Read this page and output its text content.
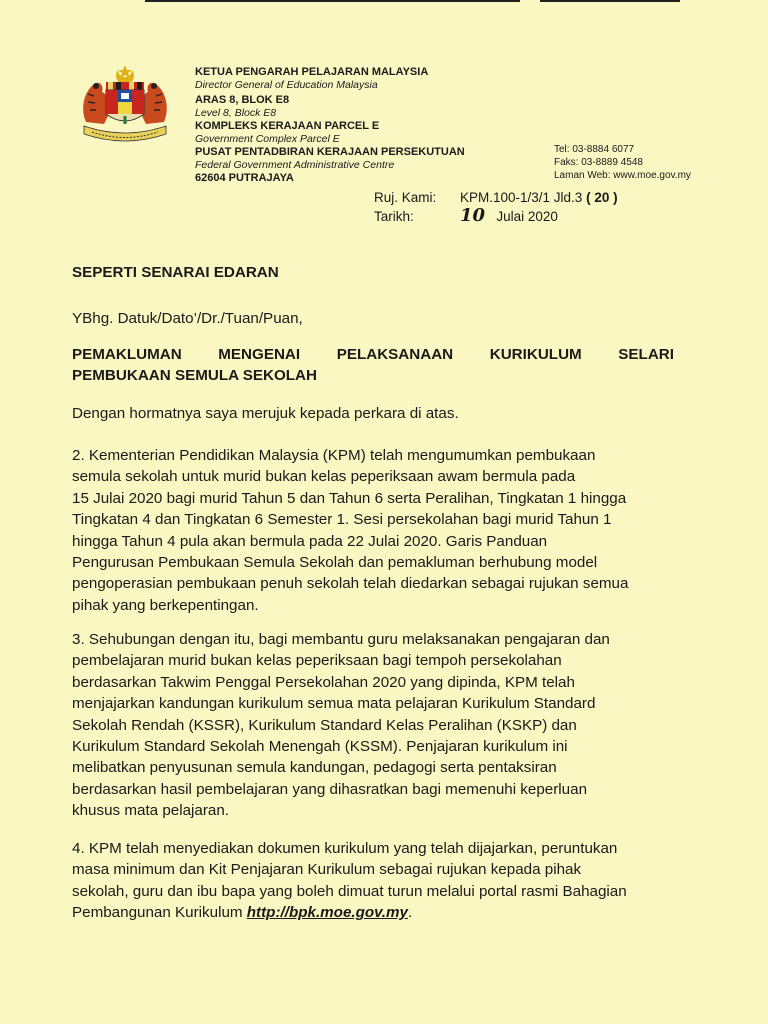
KETUA PENGARAH PELAJARAN MALAYSIA
Director General of Education Malaysia
ARAS 8, BLOK E8
Level 8, Block E8
KOMPLEKS KERAJAAN PARCEL E
Government Complex Parcel E
PUSAT PENTADBIRAN KERAJAAN PERSEKUTUAN
Federal Government Administrative Centre
62604 PUTRAJAYA
Tel: 03-8884 6077
Faks: 03-8889 4548
Laman Web: www.moe.gov.my
Ruj. Kami: KPM.100-1/3/1 Jld.3 ( 20 )
Tarikh:	10 Julai 2020
SEPERTI SENARAI EDARAN
YBhg. Datuk/Dato’/Dr./Tuan/Puan,
PEMAKLUMAN MENGENAI PELAKSANAAN KURIKULUM SELARI
PEMBUKAAN SEMULA SEKOLAH
Dengan hormatnya saya merujuk kepada perkara di atas.
2. Kementerian Pendidikan Malaysia (KPM) telah mengumumkan pembukaan
semula sekolah untuk murid bukan kelas peperiksaan awam bermula pada
15 Julai 2020 bagi murid Tahun 5 dan Tahun 6 serta Peralihan, Tingkatan 1 hingga
Tingkatan 4 dan Tingkatan 6 Semester 1. Sesi persekolahan bagi murid Tahun 1
hingga Tahun 4 pula akan bermula pada 22 Julai 2020. Garis Panduan
Pengurusan Pembukaan Semula Sekolah dan pemakluman berhubung model
pengoperasian pembukaan penuh sekolah telah diedarkan sebagai rujukan semua
pihak yang berkepentingan.
3. Sehubungan dengan itu, bagi membantu guru melaksanakan pengajaran dan
pembelajaran murid bukan kelas peperiksaan bagi tempoh persekolahan
berdasarkan Takwim Penggal Persekolahan 2020 yang dipinda, KPM telah
menjajarkan kandungan kurikulum semua mata pelajaran Kurikulum Standard
Sekolah Rendah (KSSR), Kurikulum Standard Kelas Peralihan (KSKP) dan
Kurikulum Standard Sekolah Menengah (KSSM). Penjajaran kurikulum ini
melibatkan penyusunan semula kandungan, pedagogi serta pentaksiran
berdasarkan hasil pembelajaran yang dihasratkan bagi memenuhi keperluan
khusus mata pelajaran.
4. KPM telah menyediakan dokumen kurikulum yang telah dijajarkan, peruntukan
masa minimum dan Kit Penjajaran Kurikulum sebagai rujukan kepada pihak
sekolah, guru dan ibu bapa yang boleh dimuat turun melalui portal rasmi Bahagian
Pembangunan Kurikulum http://bpk.moe.gov.my.
